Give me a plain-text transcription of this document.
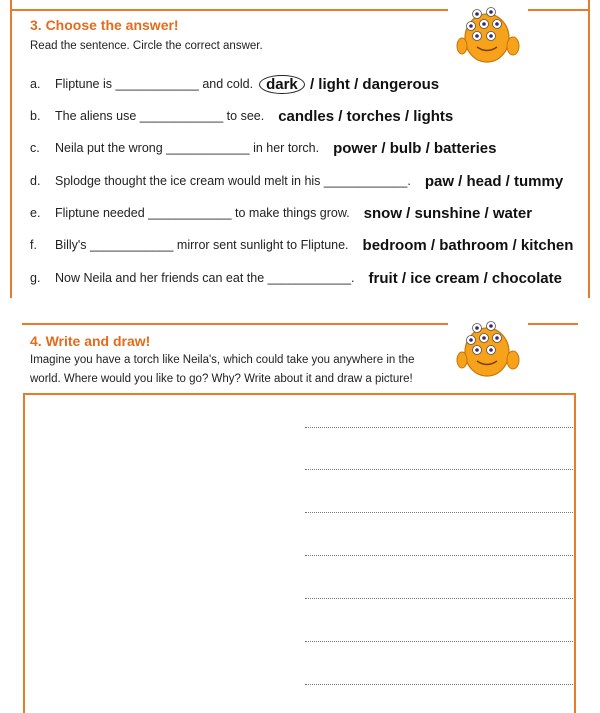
3. Choose the answer!
Read the sentence. Circle the correct answer.
a.	Fliptune is ____________ and cold. dark / light / dangerous
b.	The aliens use ____________ to see. candles / torches / lights
c.	Neila put the wrong ____________ in her torch. power / bulb / batteries
d.	Splodge thought the ice cream would melt in his ____________. paw / head / tummy
e.	Fliptune needed ____________ to make things grow. snow / sunshine / water
f.	Billy's ____________ mirror sent sunlight to Fliptune. bedroom / bathroom / kitchen
g.	Now Neila and her friends can eat the ____________. fruit / ice cream / chocolate
4. Write and draw!
Imagine you have a torch like Neila's, which could take you anywhere in the
world. Where would you like to go? Why? Write about it and draw a picture!
